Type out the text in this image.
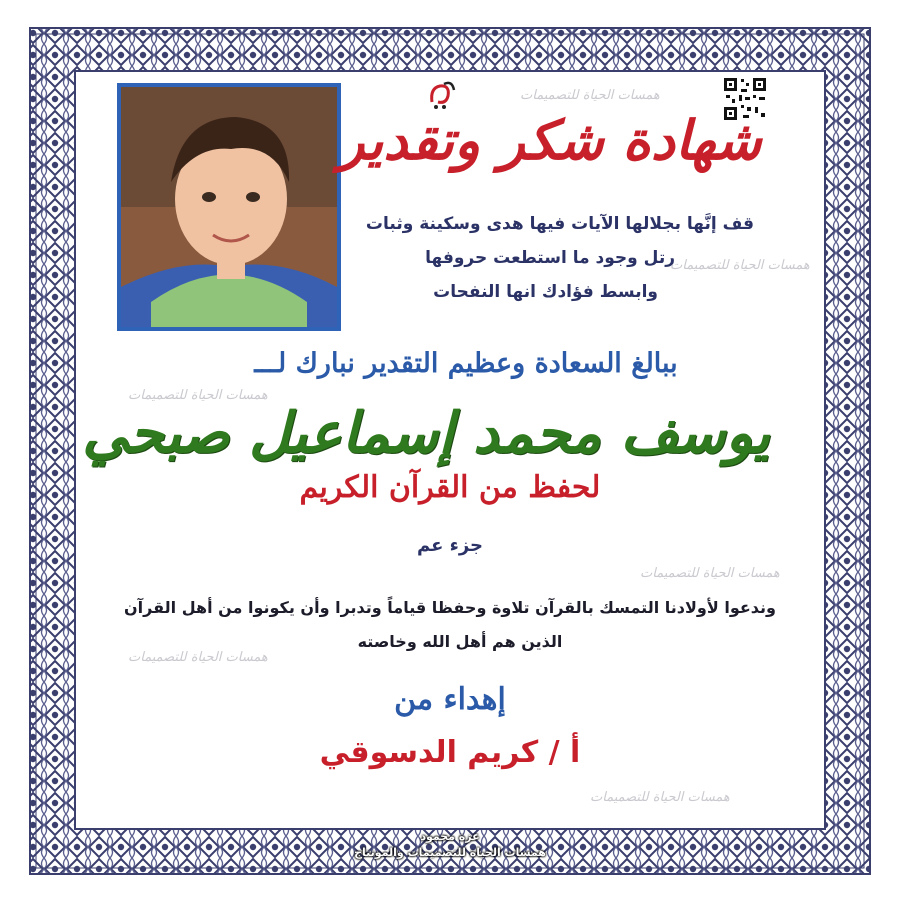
همسات الحياة للتصميمات
همسات الحياة للتصميمات
همسات الحياة للتصميمات
همسات الحياة للتصميمات
همسات الحياة للتصميمات
همسات الحياة للتصميمات
شهادة شكر وتقدير
قف إنَّها بجلالها الآيات فيها هدى وسكينة وثبات
رتل وجود ما استطعت حروفها
وابسط فؤادك انها النفحات
ببالغ السعادة وعظيم التقدير نبارك لـــ
يوسف محمد إسماعيل صبحي
لحفظ من القرآن الكريم
جزء عم
وندعوا لأولادنا التمسك بالقرآن تلاوة وحفظا قياماً وتدبرا وأن يكونوا من أهل القرآن
الذين هم أهل الله وخاصته
إهداء من
أ / كريم الدسوقي
عزة محمود
همسات الحياة للتصميمات والمونتاج
